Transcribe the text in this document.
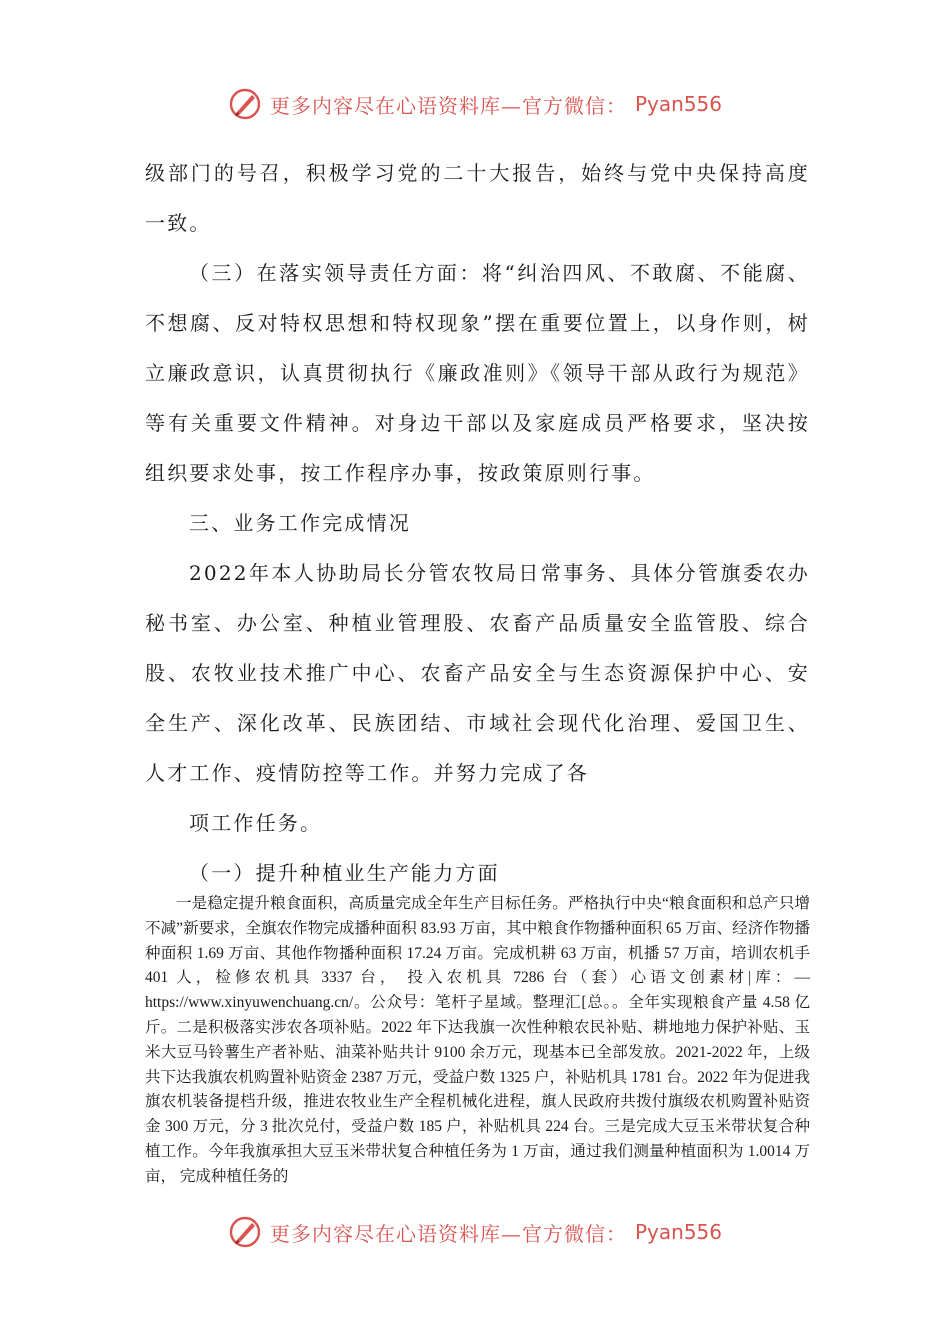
更多内容尽在心语资料库—官方微信： Pyan556

级部门的号召，积极学习党的二十大报告，始终与党中央保持高度一致。

（三）在落实领导责任方面：将“纠治四风、不敢腐、不能腐、不想腐、反对特权思想和特权现象”摆在重要位置上，以身作则，树立廉政意识，认真贯彻执行《廉政准则》《领导干部从政行为规范》等有关重要文件精神。对身边干部以及家庭成员严格要求，坚决按组织要求处事，按工作程序办事，按政策原则行事。

三、业务工作完成情况

2022年本人协助局长分管农牧局日常事务、具体分管旗委农办秘书室、办公室、种植业管理股、农畜产品质量安全监管股、综合股、农牧业技术推广中心、农畜产品安全与生态资源保护中心、安全生产、深化改革、民族团结、市域社会现代化治理、爱国卫生、人才工作、疫情防控等工作。并努力完成了各

项工作任务。

（一）提升种植业生产能力方面

一是稳定提升粮食面积，高质量完成全年生产目标任务。严格执行中央“粮食面积和总产只增不减”新要求，全旗农作物完成播种面积 83.93 万亩，其中粮食作物播种面积 65 万亩、经济作物播种面积 1.69 万亩、其他作物播种面积 17.24 万亩。完成机耕 63 万亩，机播 57 万亩，培训农机手 401 人，检修农机具 3337 台， 投入农机具 7286 台（套）心语文创素材|库：—https://www.xinyuwenchuang.cn/。公众号：笔杆子星域。整理汇[总。。全年实现粮食产量 4.58 亿斤。二是积极落实涉农各项补贴。2022 年下达我旗一次性种粮农民补贴、耕地地力保护补贴、玉米大豆马铃薯生产者补贴、油菜补贴共计 9100 余万元，现基本已全部发放。2021-2022 年，上级共下达我旗农机购置补贴资金 2387 万元，受益户数 1325 户，补贴机具 1781 台。2022 年为促进我旗农机装备提档升级，推进农牧业生产全程机械化进程，旗人民政府共拨付旗级农机购置补贴资金 300 万元，分 3 批次兑付，受益户数 185 户，补贴机具 224 台。三是完成大豆玉米带状复合种植工作。今年我旗承担大豆玉米带状复合种植任务为 1 万亩，通过我们测量种植面积为 1.0014 万亩， 完成种植任务的

更多内容尽在心语资料库—官方微信： Pyan556
